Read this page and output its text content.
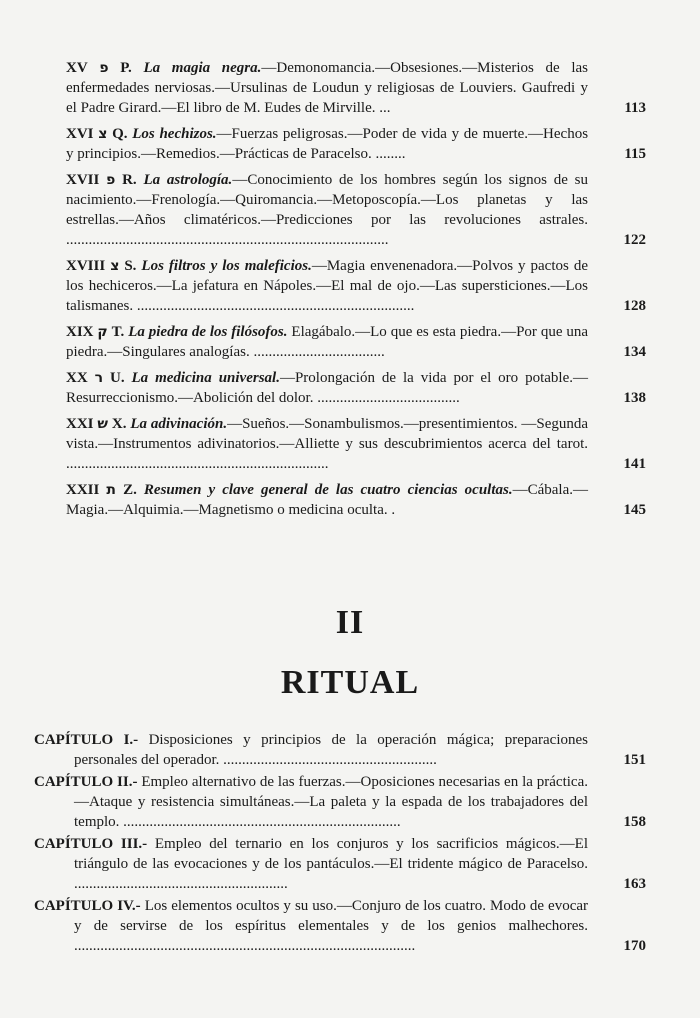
XV פ P. La magia negra.—Demonomancia.—Obsesiones.—Misterios de las enfermedades nerviosas.—Ursulinas de Loudun y religiosas de Louviers. Gaufredi y el Padre Girard.—El libro de M. Eudes de Mirville. ...	113
XVI צ Q. Los hechizos.—Fuerzas peligrosas.—Poder de vida y de muerte.—Hechos y principios.—Remedios.—Prácticas de Paracelso. ........	115
XVII פ R. La astrología.—Conocimiento de los hombres según los signos de su nacimiento.—Frenología.—Quiromancia.—Metoposcopía.—Los planetas y las estrellas.—Años climatéricos.—Predicciones por las revoluciones astrales. ......................................................................................	122
XVIII צ S. Los filtros y los maleficios.—Magia envenenadora.—Polvos y pactos de los hechiceros.—La jefatura en Nápoles.—El mal de ojo.—Las supersticiones.—Los talismanes. ..........................................................................	128
XIX ק T. La piedra de los filósofos. Elagábalo.—Lo que es esta piedra.—Por que una piedra.—Singulares analogías. ...................................	134
XX ר U. La medicina universal.—Prolongación de la vida por el oro potable.—Resurreccionismo.—Abolición del dolor. ......................................	138
XXI ש X. La adivinación.—Sueños.—Sonambulismos.—presentimientos. —Segunda vista.—Instrumentos adivinatorios.—Alliette y sus descubrimientos acerca del tarot. ......................................................................	141
XXII ת Z. Resumen y clave general de las cuatro ciencias ocultas.—Cábala.—Magia.—Alquimia.—Magnetismo o medicina oculta. .	145
II
RITUAL
CAPÍTULO I.- Disposiciones y principios de la operación mágica; preparaciones personales del operador. .........................................................	151
CAPÍTULO II.- Empleo alternativo de las fuerzas.—Oposiciones necesarias en la práctica.—Ataque y resistencia simultáneas.—La paleta y la espada de los trabajadores del templo. ..........................................................................	158
CAPÍTULO III.- Empleo del ternario en los conjuros y los sacrificios mágicos.—El triángulo de las evocaciones y de los pantáculos.—El tridente mágico de Paracelso. .........................................................	163
CAPÍTULO IV.- Los elementos ocultos y su uso.—Conjuro de los cuatro. Modo de evocar y de servirse de los espíritus elementales y de los genios malhechores. ...........................................................................................	170
